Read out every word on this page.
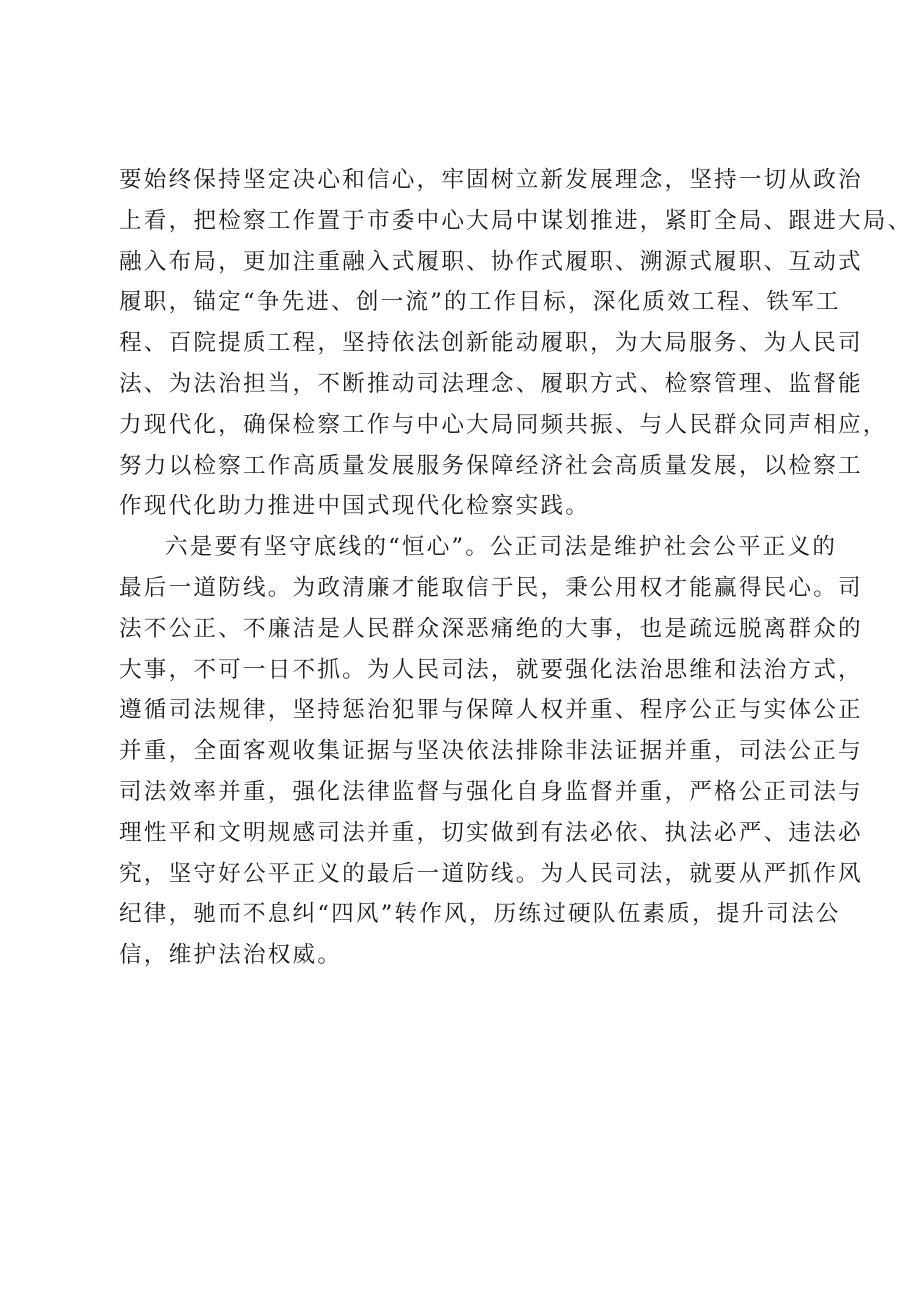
要始终保持坚定决心和信心，牢固树立新发展理念，坚持一切从政治
上看，把检察工作置于市委中心大局中谋划推进，紧盯全局、跟进大局、
融入布局，更加注重融入式履职、协作式履职、溯源式履职、互动式
履职，锚定“争先进、创一流”的工作目标，深化质效工程、铁军工
程、百院提质工程，坚持依法创新能动履职，为大局服务、为人民司
法、为法治担当，不断推动司法理念、履职方式、检察管理、监督能
力现代化，确保检察工作与中心大局同频共振、与人民群众同声相应，
努力以检察工作高质量发展服务保障经济社会高质量发展，以检察工
作现代化助力推进中国式现代化检察实践。
六是要有坚守底线的“恒心”。公正司法是维护社会公平正义的
最后一道防线。为政清廉才能取信于民，秉公用权才能赢得民心。司
法不公正、不廉洁是人民群众深恶痛绝的大事，也是疏远脱离群众的
大事，不可一日不抓。为人民司法，就要强化法治思维和法治方式，
遵循司法规律，坚持惩治犯罪与保障人权并重、程序公正与实体公正
并重，全面客观收集证据与坚决依法排除非法证据并重，司法公正与
司法效率并重，强化法律监督与强化自身监督并重，严格公正司法与
理性平和文明规感司法并重，切实做到有法必依、执法必严、违法必
究，坚守好公平正义的最后一道防线。为人民司法，就要从严抓作风
纪律，驰而不息纠“四风”转作风，历练过硬队伍素质，提升司法公
信，维护法治权威。
